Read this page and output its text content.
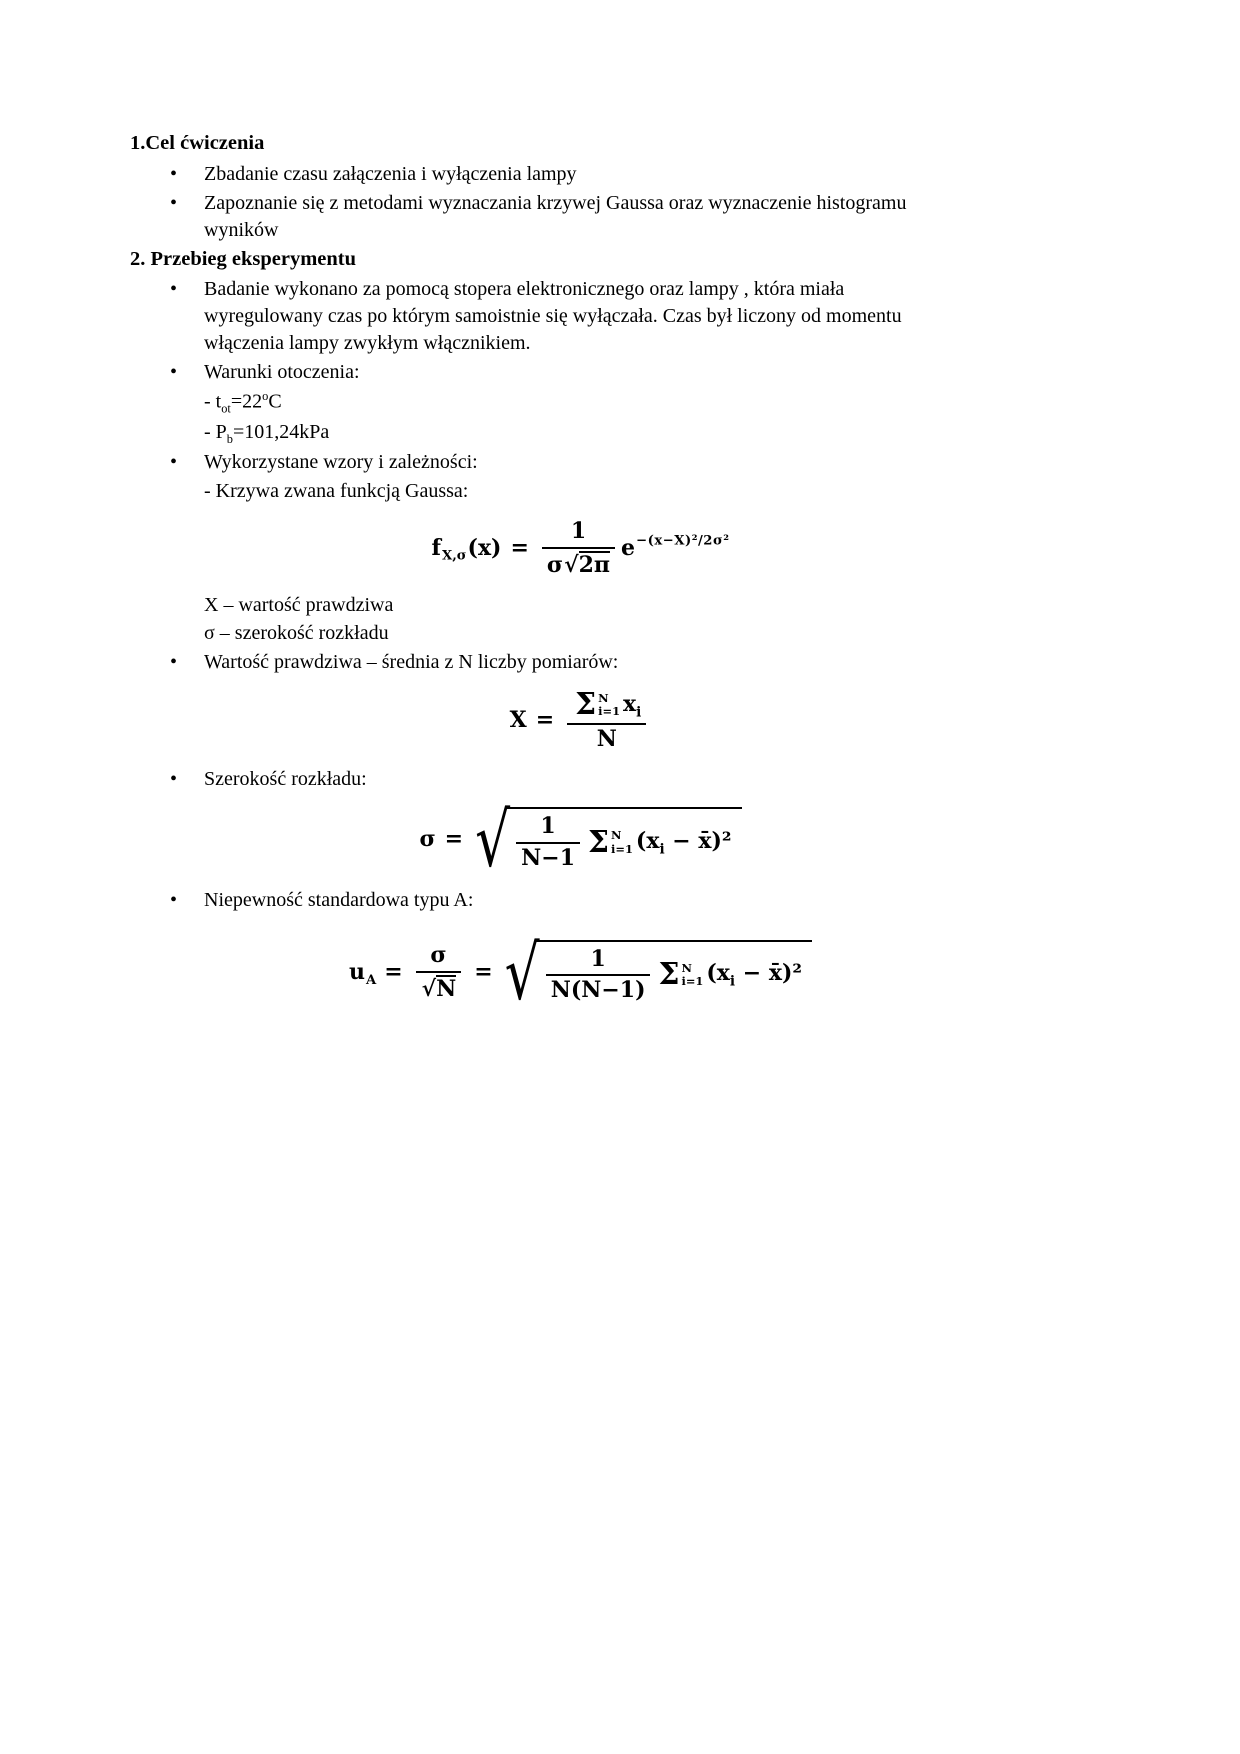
1.Cel ćwiczenia
•	Zbadanie czasu załączenia i wyłączenia lampy
•	Zapoznanie się z metodami wyznaczania krzywej Gaussa oraz wyznaczenie histogramu wyników
2. Przebieg eksperymentu
•	Badanie wykonano za pomocą stopera elektronicznego oraz lampy , która miała wyregulowany czas po którym samoistnie się wyłączała. Czas był liczony od momentu włączenia lampy zwykłym włącznikiem.
•	Warunki otoczenia:
- $t_{ot}=22^oC$
- $P_b=101,24kPa$
•	Wykorzystane wzory i zależności:
- Krzywa zwana funkcją Gaussa:
$f_{X,\sigma}(x) = \frac{1}{\sigma √ 2\pi} e^{-(x-X)^2/2\sigma^2}$
X – wartość prawdziwa
σ – szerokość rozkładu
•	Wartość prawdziwa – średnia z N liczby pomiarów:
X = Σ N
i=1 $x_i$
N
•	Szerokość rozkładu:
σ = √ $\frac{1}{N-1}$ Σ N
i=1 ($x_i$ − x̄)²
•	Niepewność standardowa typu A:
$u_A = \frac{\sigma}{√ N}$ = √ $\frac{1}{N(N-1)}$ Σ N
i=1 ($x_i$ − x̄)²
